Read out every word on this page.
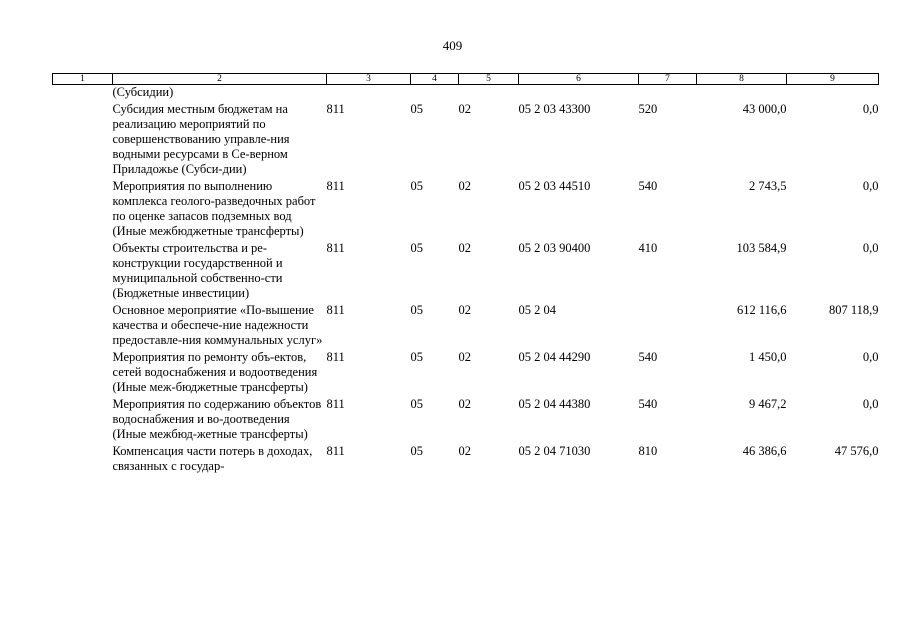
409
1	2	3	4	5	6	7	8	9
	(Субсидии)							
	Субсидия местным бюджетам на реализацию мероприятий по совершенствованию управле-ния водными ресурсами в Се-верном Приладожье (Субси-дии)	811	05	02	05 2 03 43300	520	43 000,0	0,0
	Мероприятия по выполнению комплекса геолого-разведочных работ по оценке запасов подземных вод (Иные межбюджетные трансферты)	811	05	02	05 2 03 44510	540	2 743,5	0,0
	Объекты строительства и ре-конструкции государственной и муниципальной собственно-сти (Бюджетные инвестиции)	811	05	02	05 2 03 90400	410	103 584,9	0,0
	Основное мероприятие «По-вышение качества и обеспече-ние надежности предоставле-ния коммунальных услуг»	811	05	02	05 2 04		612 116,6	807 118,9
	Мероприятия по ремонту объ-ектов, сетей водоснабжения и водоотведения (Иные меж-бюджетные трансферты)	811	05	02	05 2 04 44290	540	1 450,0	0,0
	Мероприятия по содержанию объектов водоснабжения и во-доотведения (Иные межбюд-жетные трансферты)	811	05	02	05 2 04 44380	540	9 467,2	0,0
	Компенсация части потерь в доходах, связанных с государ-	811	05	02	05 2 04 71030	810	46 386,6	47 576,0
